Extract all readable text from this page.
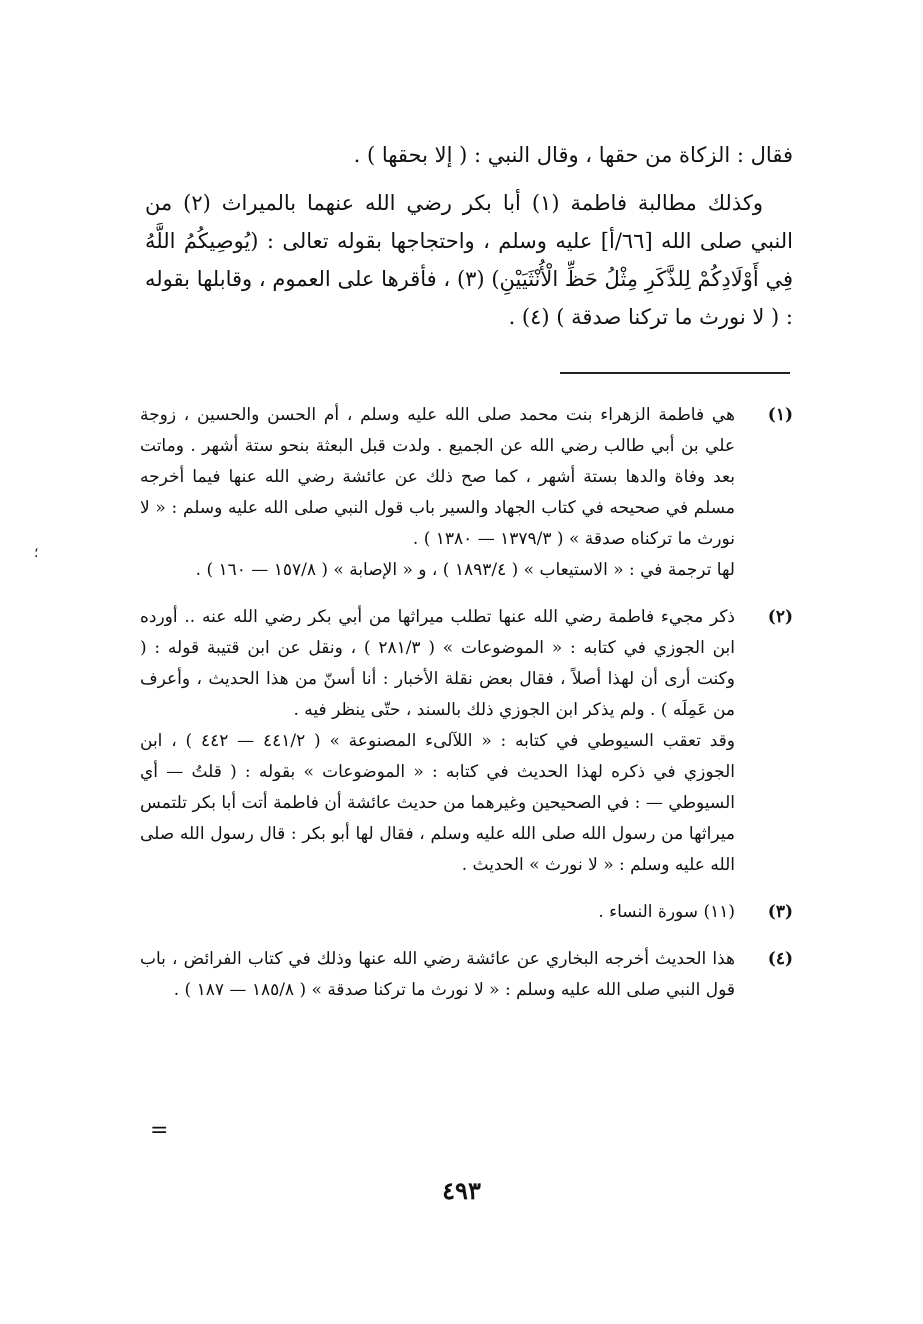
فقال : الزكاة من حقها ، وقال النبي : ( إلا بحقها ) .

وكذلك مطالبة فاطمة (١) أبا بكر رضي الله عنهما بالميراث (٢) من النبي صلى الله [٦٦/أ] عليه وسلم ، واحتجاجها بقوله تعالى : (يُوصِيكُمُ اللَّهُ فِي أَوْلَادِكُمْ لِلذَّكَرِ مِثْلُ حَظِّ الْأُنْثَيَيْنِ) (٣) ، فأقرها على العموم ، وقابلها بقوله : ( لا نورث ما تركنا صدقة ) (٤) .

(١)

هي فاطمة الزهراء بنت محمد صلى الله عليه وسلم ، أم الحسن والحسين ، زوجة علي بن أبي طالب رضي الله عن الجميع . ولدت قبل البعثة بنحو ستة أشهر . وماتت بعد وفاة والدها بستة أشهر ، كما صح ذلك عن عائشة رضي الله عنها فيما أخرجه مسلم في صحيحه في كتاب الجهاد والسير باب قول النبي صلى الله عليه وسلم : « لا نورث ما تركناه صدقة » ( ١٣٧٩/٣ — ١٣٨٠ ) .

لها ترجمة في : « الاستيعاب » ( ١٨٩٣/٤ ) ، و « الإصابة » ( ١٥٧/٨ — ١٦٠ ) .

(٢)

ذكر مجيء فاطمة رضي الله عنها تطلب ميراثها من أبي بكر رضي الله عنه .. أورده ابن الجوزي في كتابه : « الموضوعات » ( ٢٨١/٣ ) ، ونقل عن ابن قتيبة قوله : ( وكنت أرى أن لهذا أصلاً ، فقال بعض نقلة الأخبار : أنا أسنّ من هذا الحديث ، وأعرف من عَمِلَه ) . ولم يذكر ابن الجوزي ذلك بالسند ، حتّى ينظر فيه .

وقد تعقب السيوطي في كتابه : « اللآلىء المصنوعة » ( ٤٤١/٢ — ٤٤٢ ) ، ابن الجوزي في ذكره لهذا الحديث في كتابه : « الموضوعات » بقوله : ( قلتُ — أي السيوطي — : في الصحيحين وغيرهما من حديث عائشة أن فاطمة أتت أبا بكر تلتمس ميراثها من رسول الله صلى الله عليه وسلم ، فقال لها أبو بكر : قال رسول الله صلى الله عليه وسلم : « لا نورث » الحديث .

(٣)

(١١) سورة النساء .

(٤)

هذا الحديث أخرجه البخاري عن عائشة رضي الله عنها وذلك في كتاب الفرائض ، باب قول النبي صلى الله عليه وسلم : « لا نورث ما تركنا صدقة » ( ١٨٥/٨ — ١٨٧ ) .

=
؛
٤٩٣
